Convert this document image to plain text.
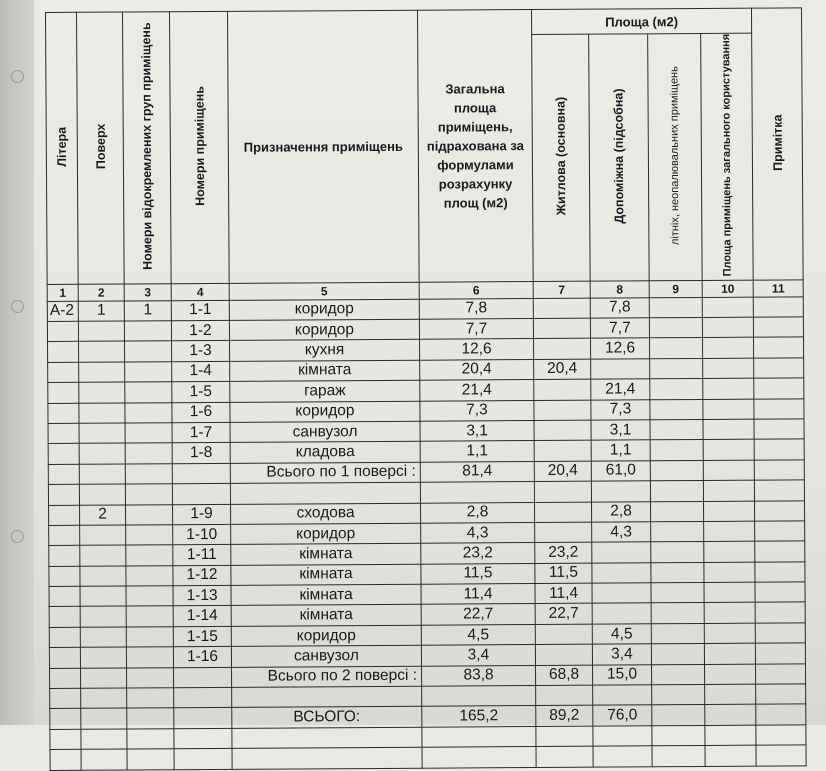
Літера	Поверх	Номери відокремлених груп приміщень	Номери приміщень	Призначення приміщень	Загальна площа приміщень, підрахована за формулами розрахунку площ (м2)	Площа (м2)				Примітка
						Житлова (основна)	Допоміжна (підсобна)	літніх, неопалювальних приміщень	Площа приміщень загального користування	
1	2	3	4	5	6	7	8	9	10	11
А-2	1	1	1-1	коридор	7,8		7,8			
			1-2	коридор	7,7		7,7			
			1-3	кухня	12,6		12,6			
			1-4	кімната	20,4	20,4				
			1-5	гараж	21,4		21,4			
			1-6	коридор	7,3		7,3			
			1-7	санвузол	3,1		3,1			
			1-8	кладова	1,1		1,1			
				Всього по 1 поверсі :	81,4	20,4	61,0			

	2		1-9	сходова	2,8		2,8			
			1-10	коридор	4,3		4,3			
			1-11	кімната	23,2	23,2				
			1-12	кімната	11,5	11,5				
			1-13	кімната	11,4	11,4				
			1-14	кімната	22,7	22,7				
			1-15	коридор	4,5		4,5			
			1-16	санвузол	3,4		3,4			
				Всього по 2 поверсі :	83,8	68,8	15,0			

				ВСЬОГО:	165,2	89,2	76,0			
